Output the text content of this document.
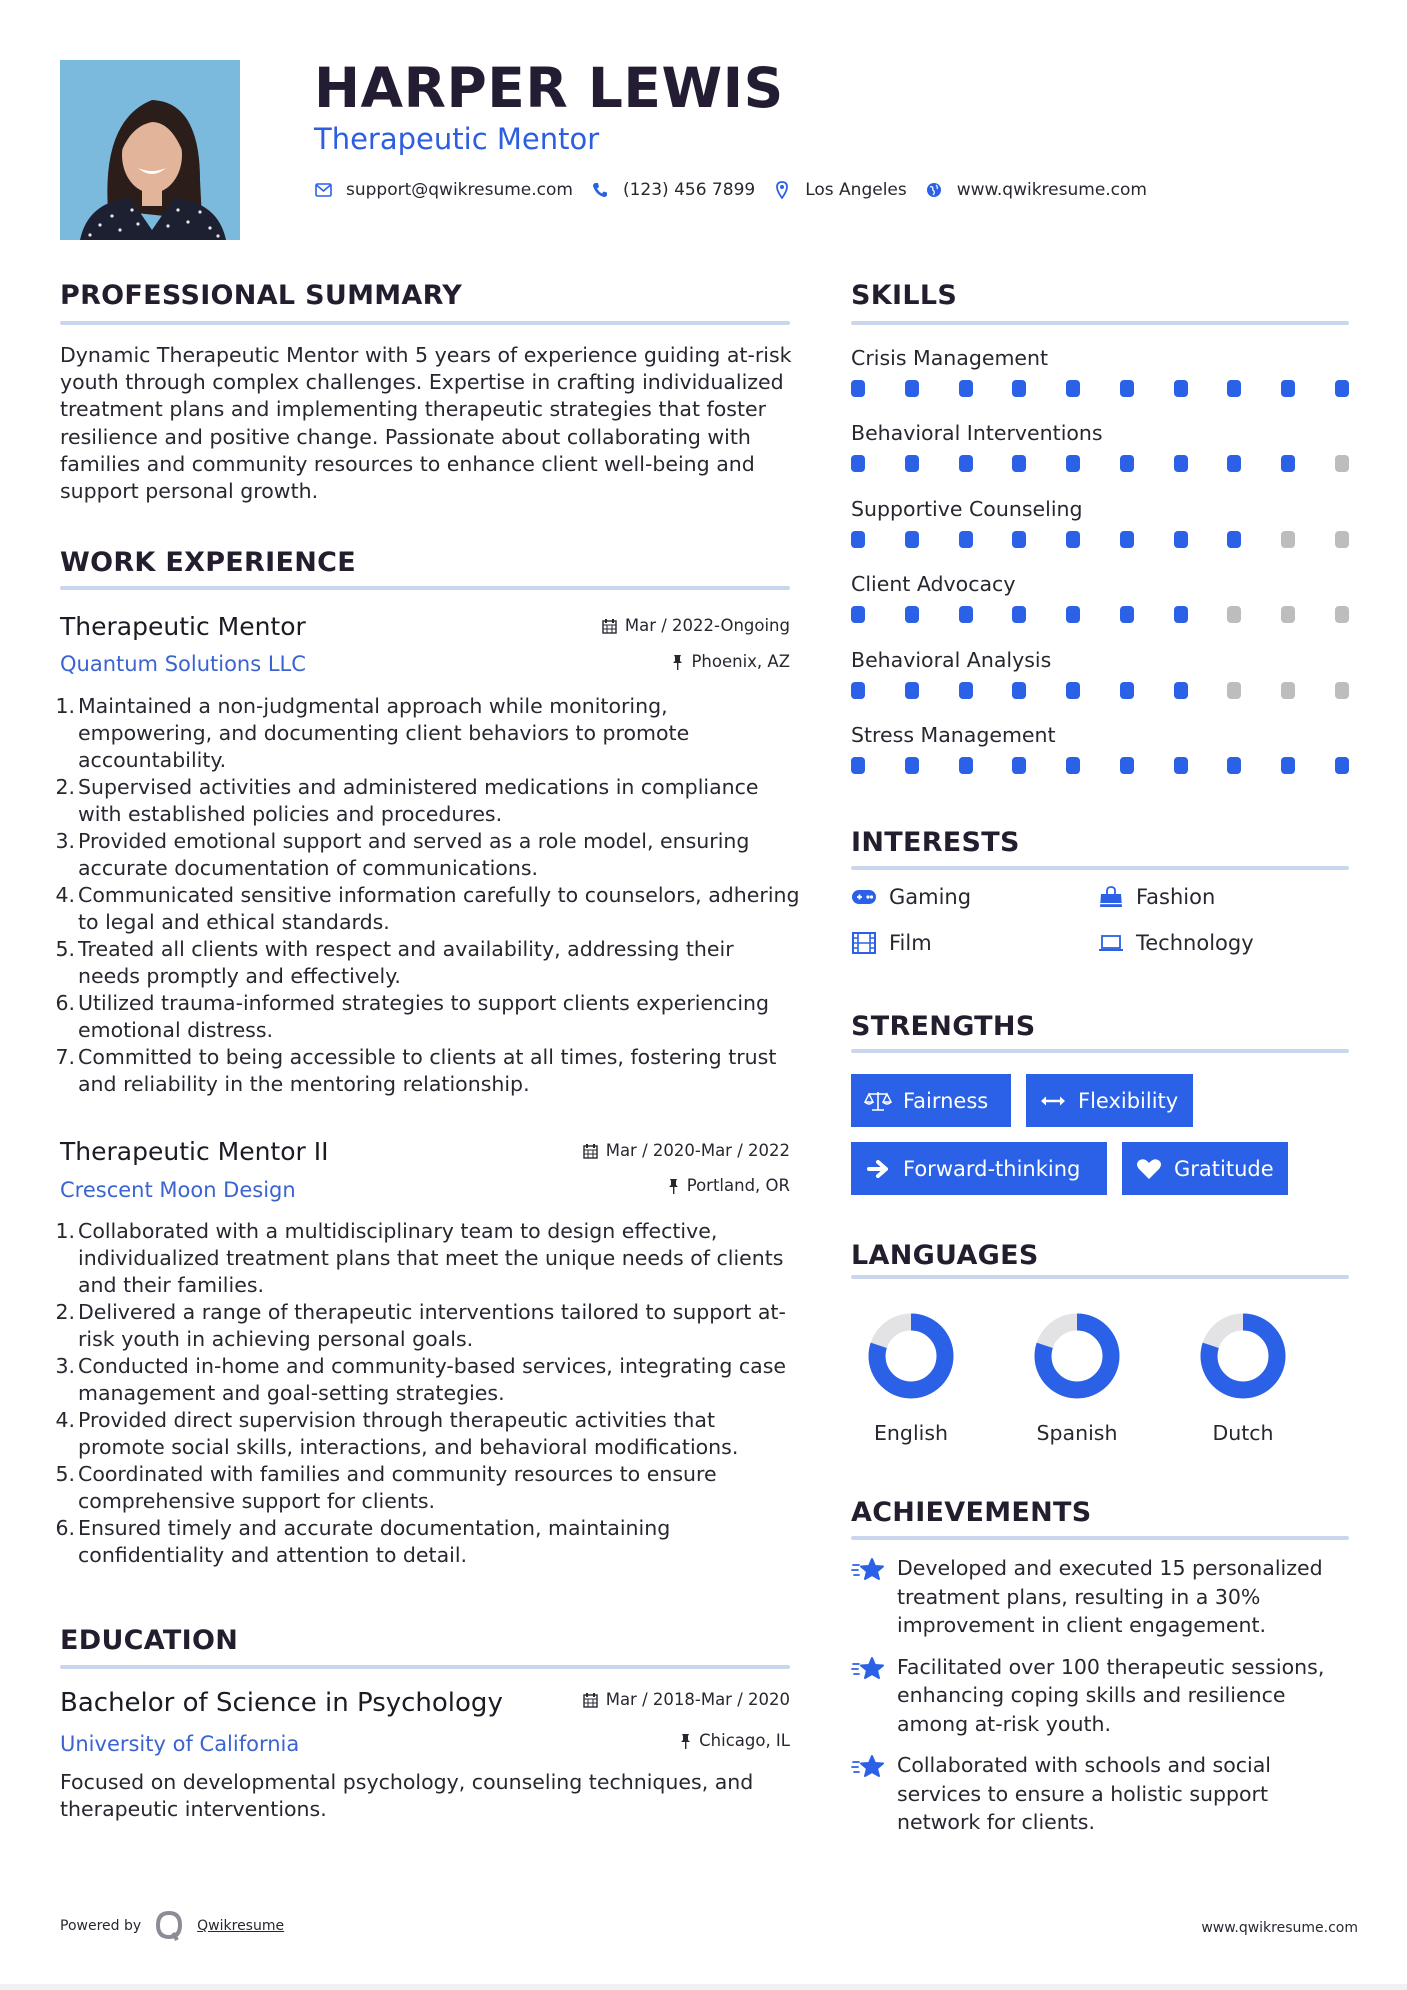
HARPER LEWIS
Therapeutic Mentor
support@qwikresume.com	(123) 456 7899	Los Angeles	www.qwikresume.com
PROFESSIONAL SUMMARY
Dynamic Therapeutic Mentor with 5 years of experience guiding at-risk youth through complex challenges. Expertise in crafting individualized treatment plans and implementing therapeutic strategies that foster resilience and positive change. Passionate about collaborating with families and community resources to enhance client well-being and support personal growth.
WORK EXPERIENCE
Therapeutic Mentor	Mar / 2022-Ongoing
Quantum Solutions LLC	Phoenix, AZ
1. Maintained a non-judgmental approach while monitoring, empowering, and documenting client behaviors to promote accountability.
2. Supervised activities and administered medications in compliance with established policies and procedures.
3. Provided emotional support and served as a role model, ensuring accurate documentation of communications.
4. Communicated sensitive information carefully to counselors, adhering to legal and ethical standards.
5. Treated all clients with respect and availability, addressing their needs promptly and effectively.
6. Utilized trauma-informed strategies to support clients experiencing emotional distress.
7. Committed to being accessible to clients at all times, fostering trust and reliability in the mentoring relationship.
Therapeutic Mentor II	Mar / 2020-Mar / 2022
Crescent Moon Design	Portland, OR
1. Collaborated with a multidisciplinary team to design effective, individualized treatment plans that meet the unique needs of clients and their families.
2. Delivered a range of therapeutic interventions tailored to support at-risk youth in achieving personal goals.
3. Conducted in-home and community-based services, integrating case management and goal-setting strategies.
4. Provided direct supervision through therapeutic activities that promote social skills, interactions, and behavioral modifications.
5. Coordinated with families and community resources to ensure comprehensive support for clients.
6. Ensured timely and accurate documentation, maintaining confidentiality and attention to detail.
EDUCATION
Bachelor of Science in Psychology	Mar / 2018-Mar / 2020
University of California	Chicago, IL
Focused on developmental psychology, counseling techniques, and therapeutic interventions.
SKILLS
Crisis Management
Behavioral Interventions
Supportive Counseling
Client Advocacy
Behavioral Analysis
Stress Management
INTERESTS
Gaming	Fashion
Film	Technology
STRENGTHS
Fairness	Flexibility
Forward-thinking	Gratitude
LANGUAGES
English	Spanish	Dutch
ACHIEVEMENTS
Developed and executed 15 personalized treatment plans, resulting in a 30% improvement in client engagement.
Facilitated over 100 therapeutic sessions, enhancing coping skills and resilience among at-risk youth.
Collaborated with schools and social services to ensure a holistic support network for clients.
Powered by	Qwikresume	www.qwikresume.com
